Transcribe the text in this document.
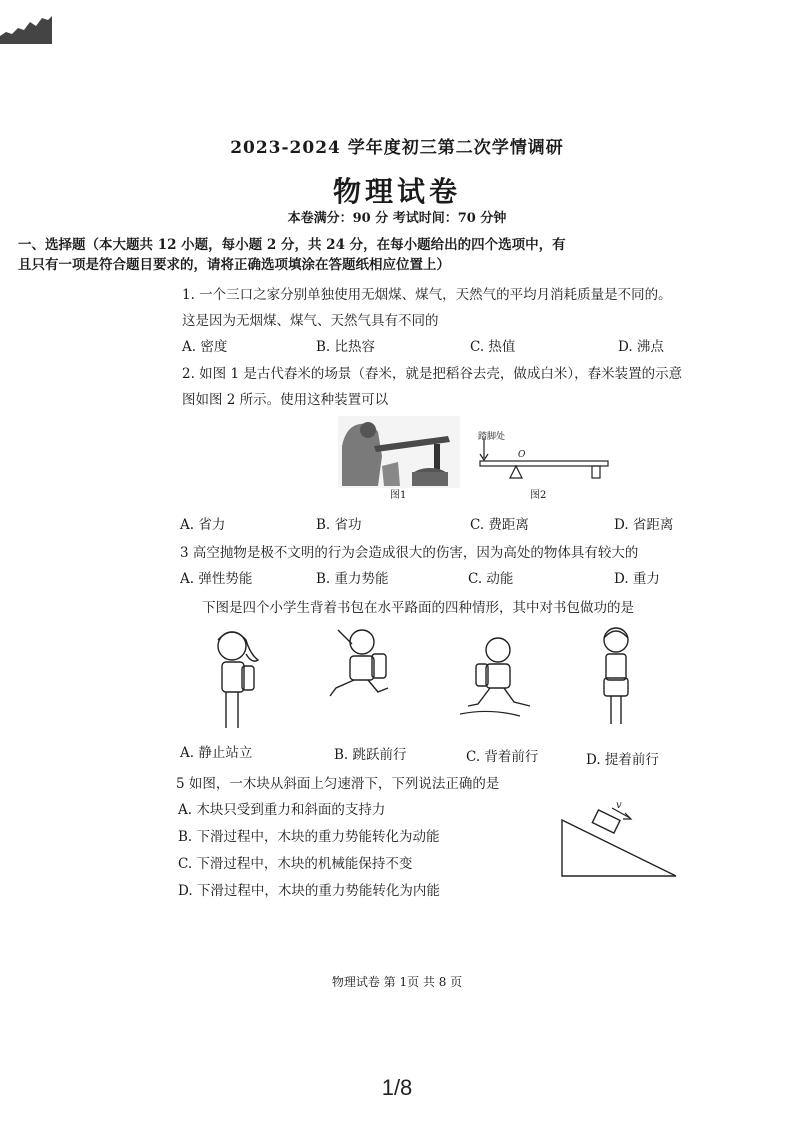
2023-2024 学年度初三第二次学情调研
物理试卷
本卷满分：90 分 考试时间：70 分钟
一、选择题（本大题共 12 小题，每小题 2 分，共 24 分，在每小题给出的四个选项中，有
且只有一项是符合题目要求的，请将正确选项填涂在答题纸相应位置上）
1. 一个三口之家分别单独使用无烟煤、煤气，天然气的平均月消耗质量是不同的。
这是因为无烟煤、煤气、天然气具有不同的
A. 密度	B. 比热容	C. 热值	D. 沸点
2. 如图 1 是古代舂米的场景（舂米，就是把稻谷去壳，做成白米），舂米装置的示意
图如图 2 所示。使用这种装置可以
图1
踏脚处
O
图2
A. 省力	B. 省功	C. 费距离	D. 省距离
3 高空抛物是极不文明的行为会造成很大的伤害，因为高处的物体具有较大的
A. 弹性势能	B. 重力势能	C. 动能	D. 重力
下图是四个小学生背着书包在水平路面的四种情形，其中对书包做功的是
A. 静止站立	B. 跳跃前行	C. 背着前行	D. 提着前行
5 如图，一木块从斜面上匀速滑下，下列说法正确的是
A. 木块只受到重力和斜面的支持力
B. 下滑过程中，木块的重力势能转化为动能
C. 下滑过程中，木块的机械能保持不变
D. 下滑过程中，木块的重力势能转化为内能
v
物理试卷 第 1页 共 8 页
1/8
